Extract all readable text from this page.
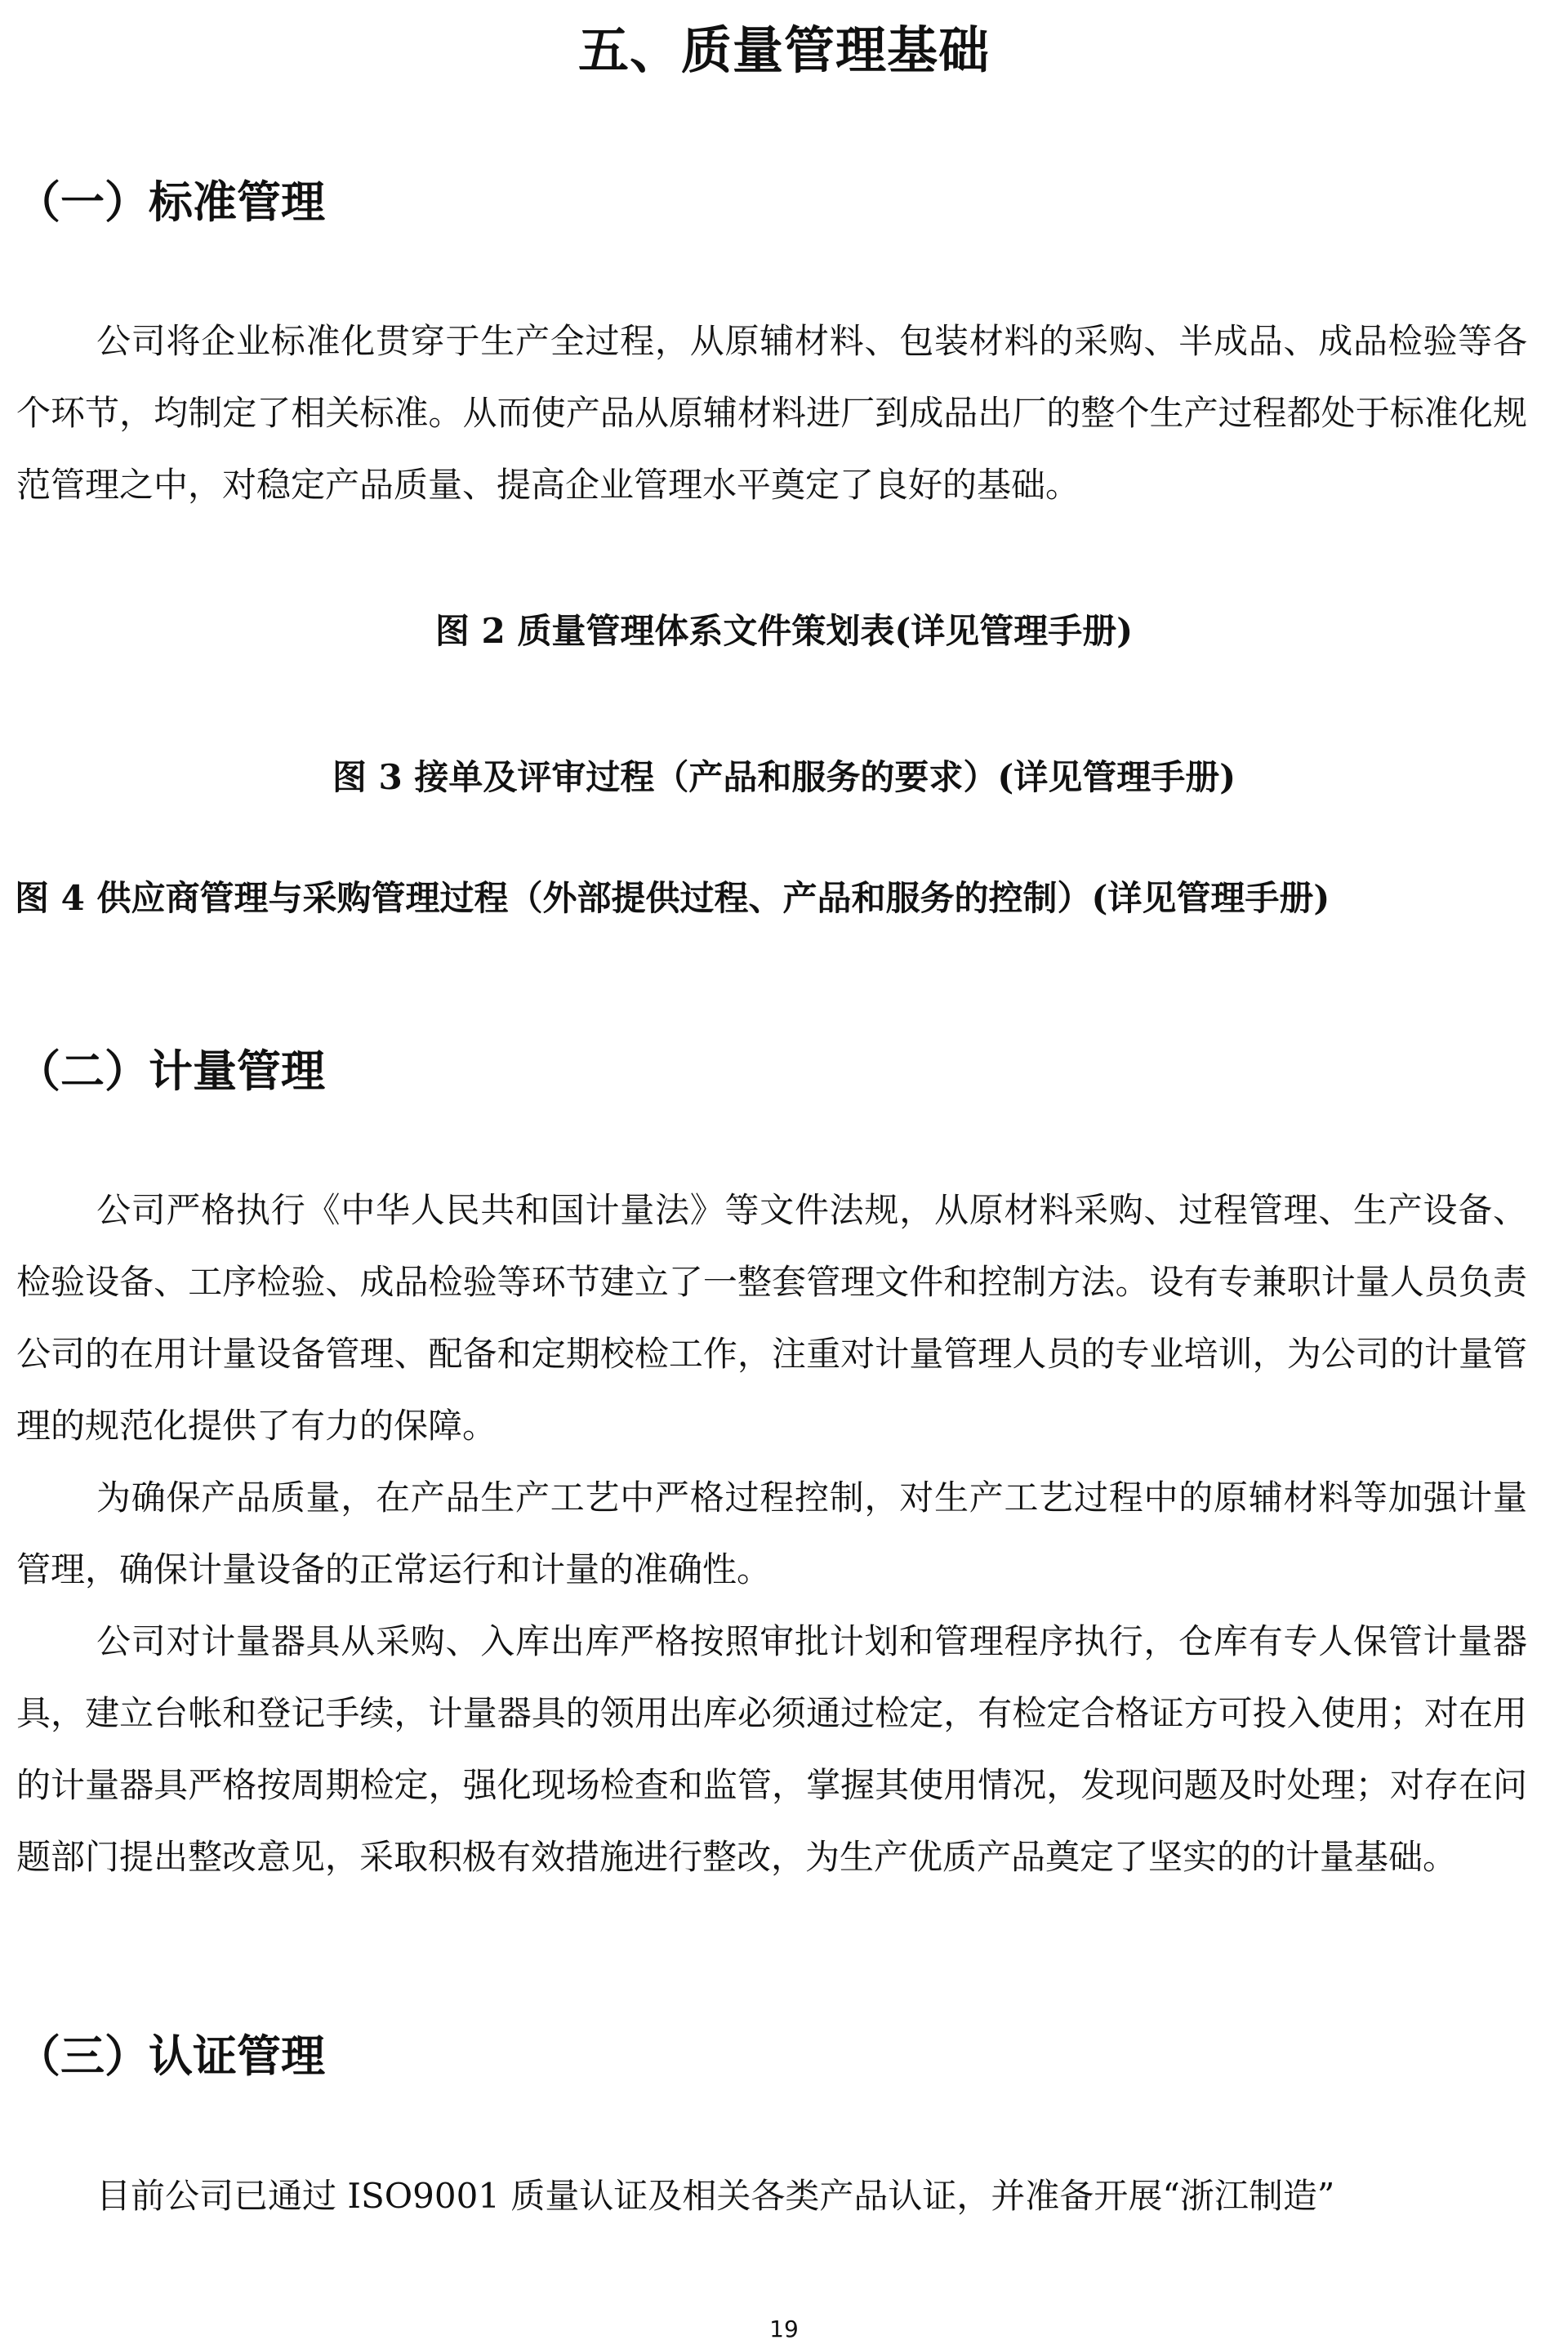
五、质量管理基础
（一）标准管理

公司将企业标准化贯穿于生产全过程，从原辅材料、包装材料的采购、半成品、成品检验等各个环节，均制定了相关标准。从而使产品从原辅材料进厂到成品出厂的整个生产过程都处于标准化规范管理之中，对稳定产品质量、提高企业管理水平奠定了良好的基础。

图 2 质量管理体系文件策划表(详见管理手册)
图 3 接单及评审过程（产品和服务的要求）(详见管理手册)
图 4 供应商管理与采购管理过程（外部提供过程、产品和服务的控制）(详见管理手册)
（二）计量管理

公司严格执行《中华人民共和国计量法》等文件法规，从原材料采购、过程管理、生产设备、检验设备、工序检验、成品检验等环节建立了一整套管理文件和控制方法。设有专兼职计量人员负责公司的在用计量设备管理、配备和定期校检工作，注重对计量管理人员的专业培训，为公司的计量管理的规范化提供了有力的保障。

为确保产品质量，在产品生产工艺中严格过程控制，对生产工艺过程中的原辅材料等加强计量管理，确保计量设备的正常运行和计量的准确性。

公司对计量器具从采购、入库出库严格按照审批计划和管理程序执行，仓库有专人保管计量器具，建立台帐和登记手续，计量器具的领用出库必须通过检定，有检定合格证方可投入使用；对在用的计量器具严格按周期检定，强化现场检查和监管，掌握其使用情况，发现问题及时处理；对存在问题部门提出整改意见，采取积极有效措施进行整改，为生产优质产品奠定了坚实的的计量基础。

（三）认证管理

目前公司已通过 ISO9001 质量认证及相关各类产品认证，并准备开展“浙江制造”

19
